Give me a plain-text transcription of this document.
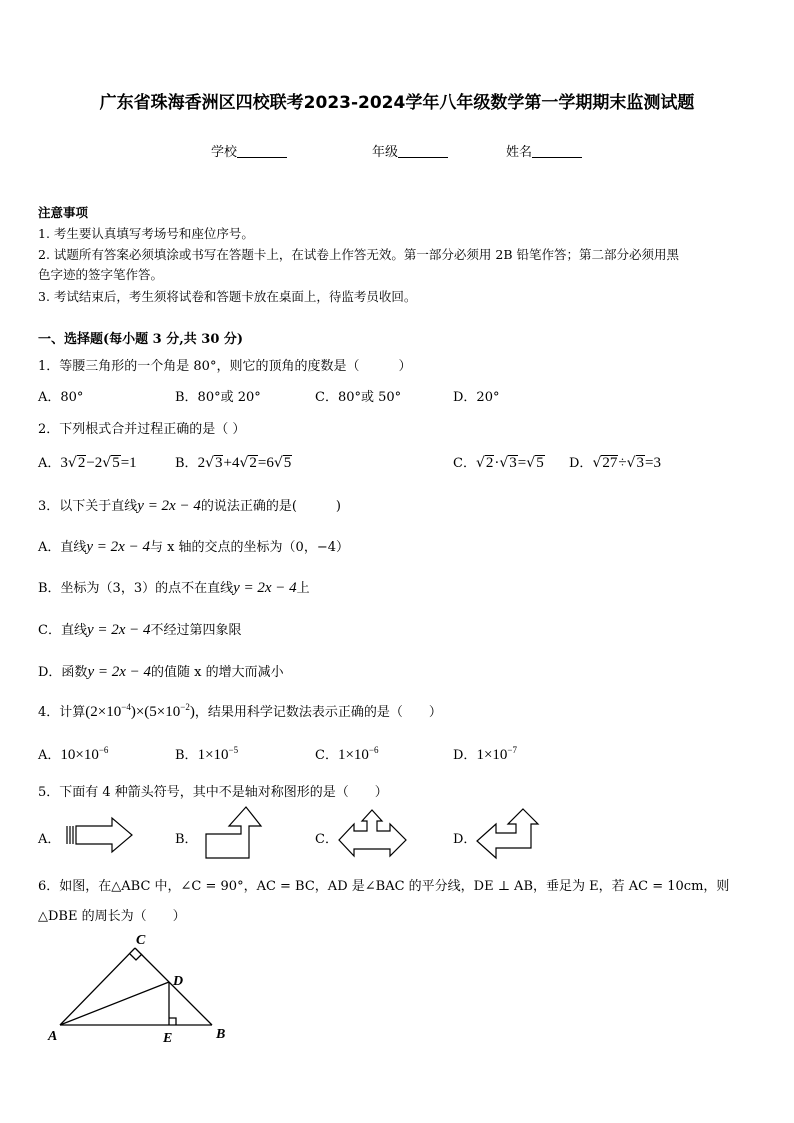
广东省珠海香洲区四校联考2023-2024学年八年级数学第一学期期末监测试题
学校	年级	姓名
注意事项
1. 考生要认真填写考场号和座位序号。
2. 试题所有答案必须填涂或书写在答题卡上，在试卷上作答无效。第一部分必须用 2B 铅笔作答；第二部分必须用黑
色字迹的签字笔作答。
3. 考试结束后，考生须将试卷和答题卡放在桌面上，待监考员收回。
一、选择题(每小题 3 分,共 30 分)
1．等腰三角形的一个角是 80°，则它的顶角的度数是（　　　）
A．80°	B．80°或 20°	C．80°或 50°	D．20°
2．下列根式合并过程正确的是（ ）
A．3√2−2√5=1	B．2√3+4√2=6√5	C．√2·√3=√5 D．√27÷√3=3
3．以下关于直线y = 2x − 4的说法正确的是(　　　)
A．直线y = 2x − 4与 x 轴的交点的坐标为（0，−4）
B．坐标为（3，3）的点不在直线y = 2x − 4上
C．直线y = 2x − 4不经过第四象限
D．函数y = 2x − 4的值随 x 的增大而减小
4．计算$(2\times 10^{-4})\times(5\times 10^{-2})$，结果用科学记数法表示正确的是（　　）
A．$10\times 10^{-6}$	B．$1\times 10^{-5}$	C．$1\times 10^{-6}$	D．$1\times 10^{-7}$
5．下面有 4 种箭头符号，其中不是轴对称图形的是（　　）
A．	B．	C．	D．
6．如图，在△ABC 中，∠C = 90°，AC = BC，AD 是∠BAC 的平分线，DE ⊥ AB，垂足为 E，若 AC = 10cm，则
△DBE 的周长为（　　）
C
D
A	E	B
